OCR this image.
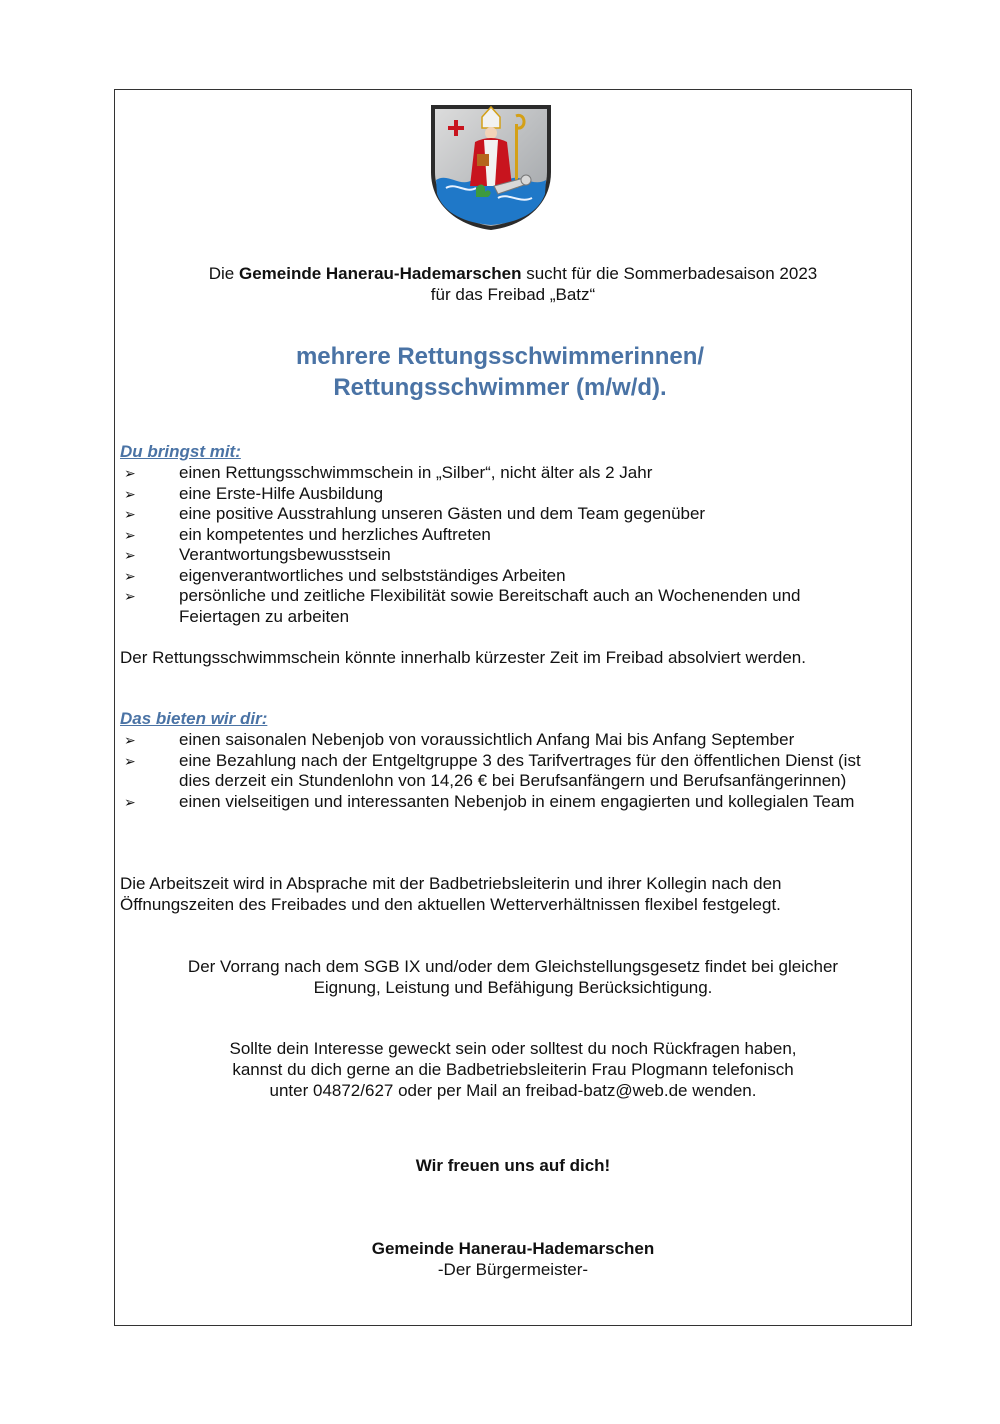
Die Gemeinde Hanerau-Hademarschen sucht für die Sommerbadesaison 2023
für das Freibad „Batz“
mehrere Rettungsschwimmerinnen/
Rettungsschwimmer (m/w/d).
Du bringst mit:
➢	einen Rettungsschwimmschein in „Silber“, nicht älter als 2 Jahr
➢	eine Erste-Hilfe Ausbildung
➢	eine positive Ausstrahlung unseren Gästen und dem Team gegenüber
➢	ein kompetentes und herzliches Auftreten
➢	Verantwortungsbewusstsein
➢	eigenverantwortliches und selbstständiges Arbeiten
➢	persönliche und zeitliche Flexibilität sowie Bereitschaft auch an Wochenenden und Feiertagen zu arbeiten
Der Rettungsschwimmschein könnte innerhalb kürzester Zeit im Freibad absolviert werden.
Das bieten wir dir:
➢	einen saisonalen Nebenjob von voraussichtlich Anfang Mai bis Anfang September
➢	eine Bezahlung nach der Entgeltgruppe 3 des Tarifvertrages für den öffentlichen Dienst (ist dies derzeit ein Stundenlohn von 14,26 € bei Berufsanfängern und Berufsanfängerinnen)
➢	einen vielseitigen und interessanten Nebenjob in einem engagierten und kollegialen Team
Die Arbeitszeit wird in Absprache mit der Badbetriebsleiterin und ihrer Kollegin nach den Öffnungszeiten des Freibades und den aktuellen Wetterverhältnissen flexibel festgelegt.
Der Vorrang nach dem SGB IX und/oder dem Gleichstellungsgesetz findet bei gleicher
Eignung, Leistung und Befähigung Berücksichtigung.
Sollte dein Interesse geweckt sein oder solltest du noch Rückfragen haben,
kannst du dich gerne an die Badbetriebsleiterin Frau Plogmann telefonisch
unter 04872/627 oder per Mail an freibad-batz@web.de wenden.
Wir freuen uns auf dich!
Gemeinde Hanerau-Hademarschen
-Der Bürgermeister-
